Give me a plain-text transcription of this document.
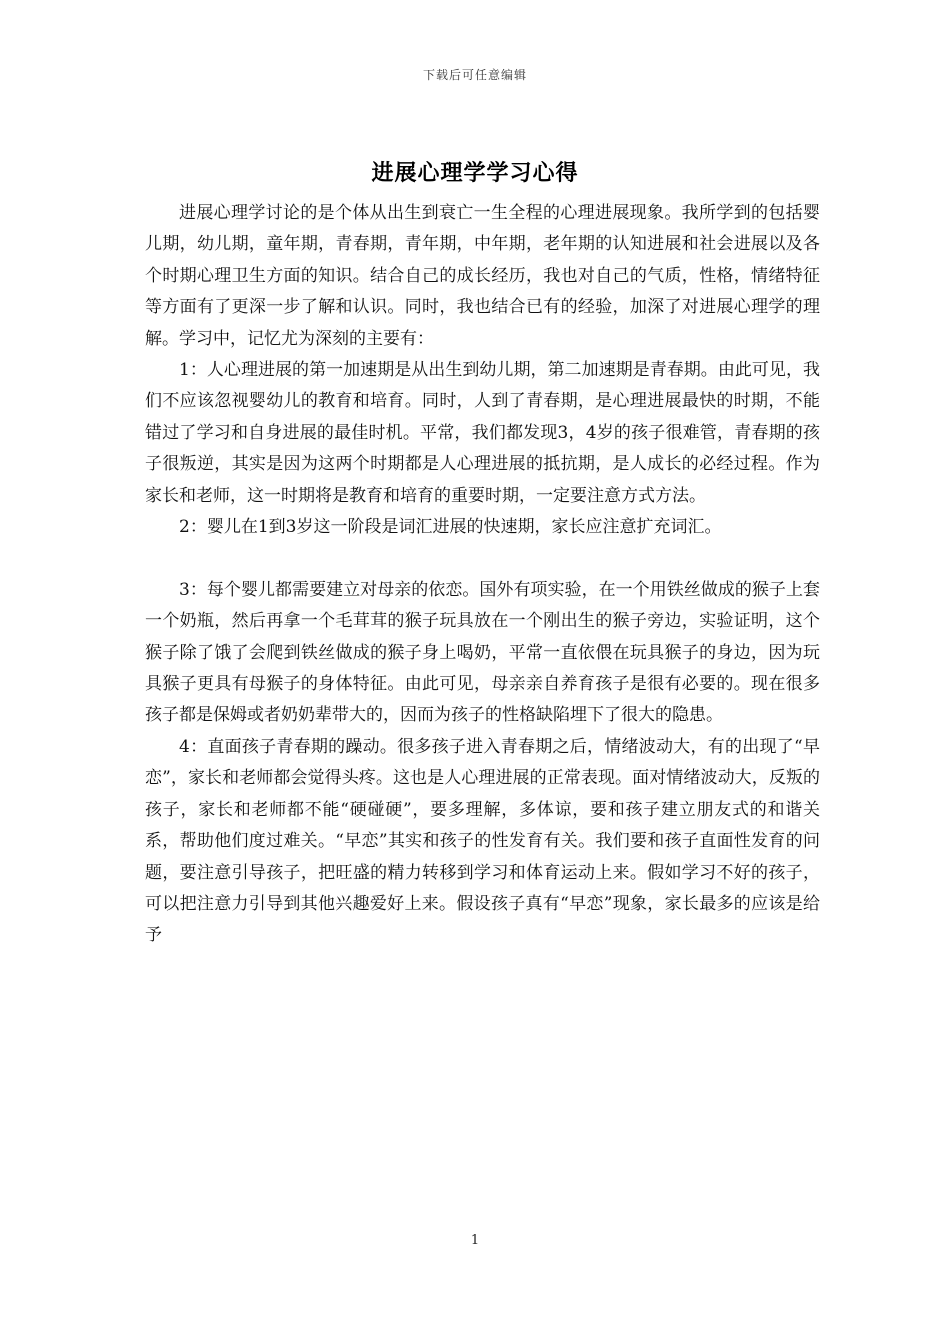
下载后可任意编辑
进展心理学学习心得

进展心理学讨论的是个体从出生到衰亡一生全程的心理进展现象。我所学到的包括婴儿期，幼儿期，童年期，青春期，青年期，中年期，老年期的认知进展和社会进展以及各个时期心理卫生方面的知识。结合自己的成长经历，我也对自己的气质，性格，情绪特征等方面有了更深一步了解和认识。同时，我也结合已有的经验，加深了对进展心理学的理解。学习中，记忆尤为深刻的主要有：

1：人心理进展的第一加速期是从出生到幼儿期，第二加速期是青春期。由此可见，我们不应该忽视婴幼儿的教育和培育。同时，人到了青春期，是心理进展最快的时期，不能错过了学习和自身进展的最佳时机。平常，我们都发现3，4岁的孩子很难管，青春期的孩子很叛逆，其实是因为这两个时期都是人心理进展的抵抗期，是人成长的必经过程。作为家长和老师，这一时期将是教育和培育的重要时期，一定要注意方式方法。

2：婴儿在1到3岁这一阶段是词汇进展的快速期，家长应注意扩充词汇。

3：每个婴儿都需要建立对母亲的依恋。国外有项实验，在一个用铁丝做成的猴子上套一个奶瓶，然后再拿一个毛茸茸的猴子玩具放在一个刚出生的猴子旁边，实验证明，这个猴子除了饿了会爬到铁丝做成的猴子身上喝奶，平常一直依偎在玩具猴子的身边，因为玩具猴子更具有母猴子的身体特征。由此可见，母亲亲自养育孩子是很有必要的。现在很多孩子都是保姆或者奶奶辈带大的，因而为孩子的性格缺陷埋下了很大的隐患。

4：直面孩子青春期的躁动。很多孩子进入青春期之后，情绪波动大，有的出现了“早恋”，家长和老师都会觉得头疼。这也是人心理进展的正常表现。面对情绪波动大，反叛的孩子，家长和老师都不能“硬碰硬”，要多理解，多体谅，要和孩子建立朋友式的和谐关系，帮助他们度过难关。“早恋”其实和孩子的性发育有关。我们要和孩子直面性发育的问题，要注意引导孩子，把旺盛的精力转移到学习和体育运动上来。假如学习不好的孩子，可以把注意力引导到其他兴趣爱好上来。假设孩子真有“早恋”现象，家长最多的应该是给予

1
